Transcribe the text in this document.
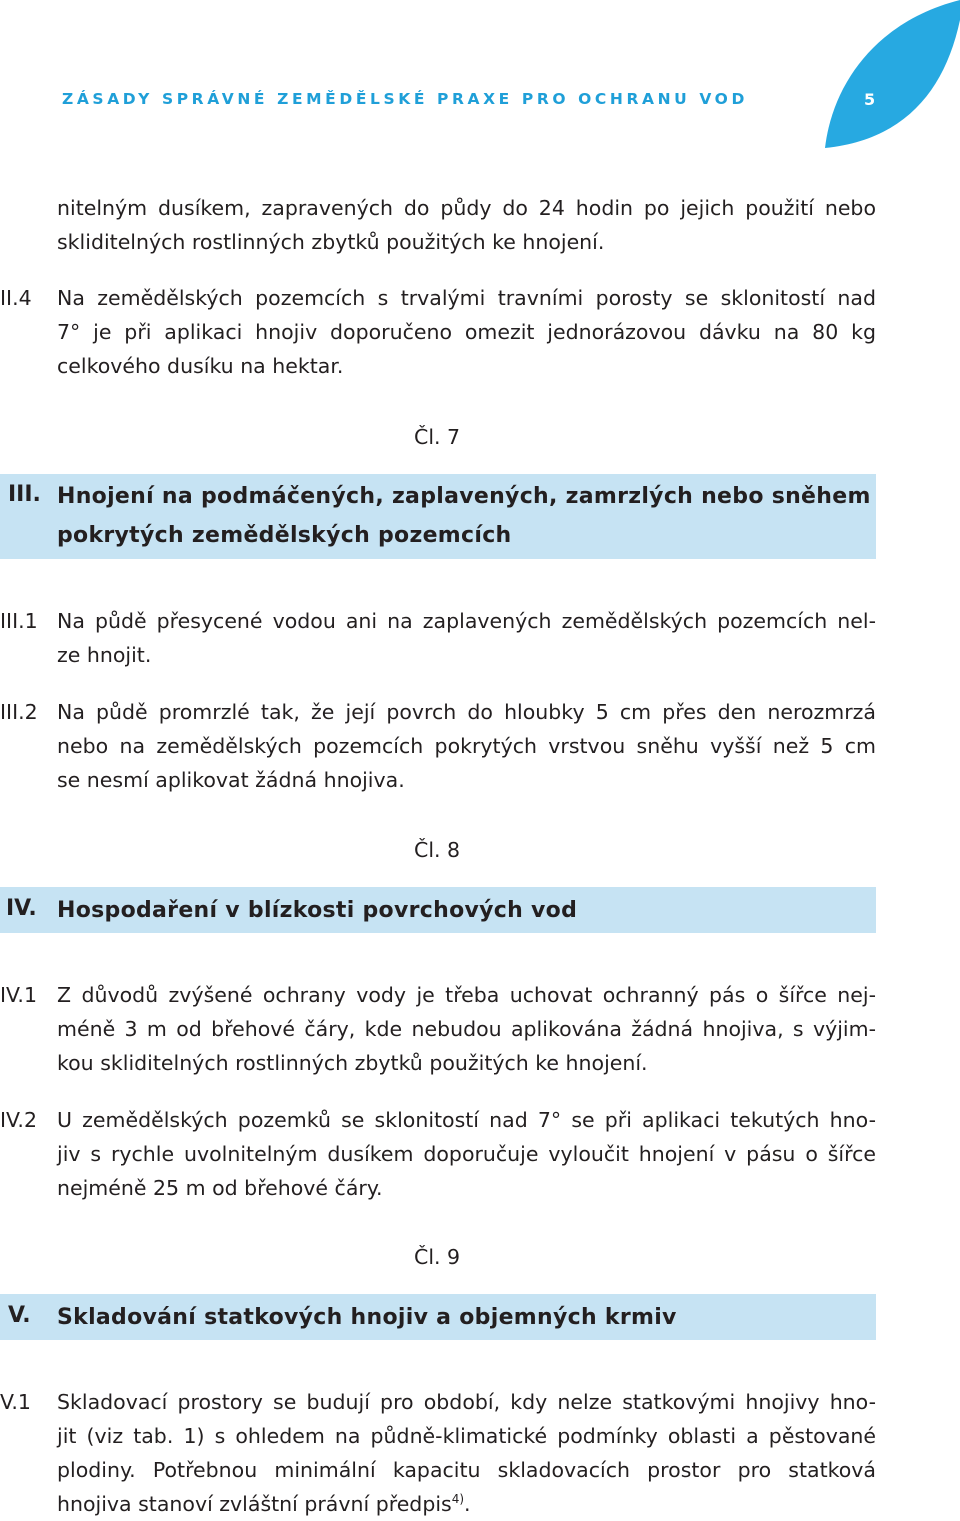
ZÁSADY SPRÁVNÉ ZEMĚDĚLSKÉ PRAXE PRO OCHRANU VOD	5
nitelným dusíkem, zapravených do půdy do 24 hodin po jejich použití nebo
skliditelných rostlinných zbytků použitých ke hnojení.
II.4 Na zemědělských pozemcích s trvalými travními porosty se sklonitostí nad
7° je při aplikaci hnojiv doporučeno omezit jednorázovou dávku na 80 kg
celkového dusíku na hektar.
Čl. 7
III. Hnojení na podmáčených, zaplavených, zamrzlých nebo sněhem
pokrytých zemědělských pozemcích
III.1 Na půdě přesycené vodou ani na zaplavených zemědělských pozemcích nel-
ze hnojit.
III.2 Na půdě promrzlé tak, že její povrch do hloubky 5 cm přes den nerozmrzá
nebo na zemědělských pozemcích pokrytých vrstvou sněhu vyšší než 5 cm
se nesmí aplikovat žádná hnojiva.
Čl. 8
IV. Hospodaření v blízkosti povrchových vod
IV.1 Z důvodů zvýšené ochrany vody je třeba uchovat ochranný pás o šířce nej-
méně 3 m od břehové čáry, kde nebudou aplikována žádná hnojiva, s výjim-
kou skliditelných rostlinných zbytků použitých ke hnojení.
IV.2 U zemědělských pozemků se sklonitostí nad 7° se při aplikaci tekutých hno-
jiv s rychle uvolnitelným dusíkem doporučuje vyloučit hnojení v pásu o šířce
nejméně 25 m od břehové čáry.
Čl. 9
V. Skladování statkových hnojiv a objemných krmiv
V.1 Skladovací prostory se budují pro období, kdy nelze statkovými hnojivy hno-
jit (viz tab. 1) s ohledem na půdně-klimatické podmínky oblasti a pěstované
plodiny. Potřebnou minimální kapacitu skladovacích prostor pro statková
hnojiva stanoví zvláštní právní předpis$^{4)}$.
